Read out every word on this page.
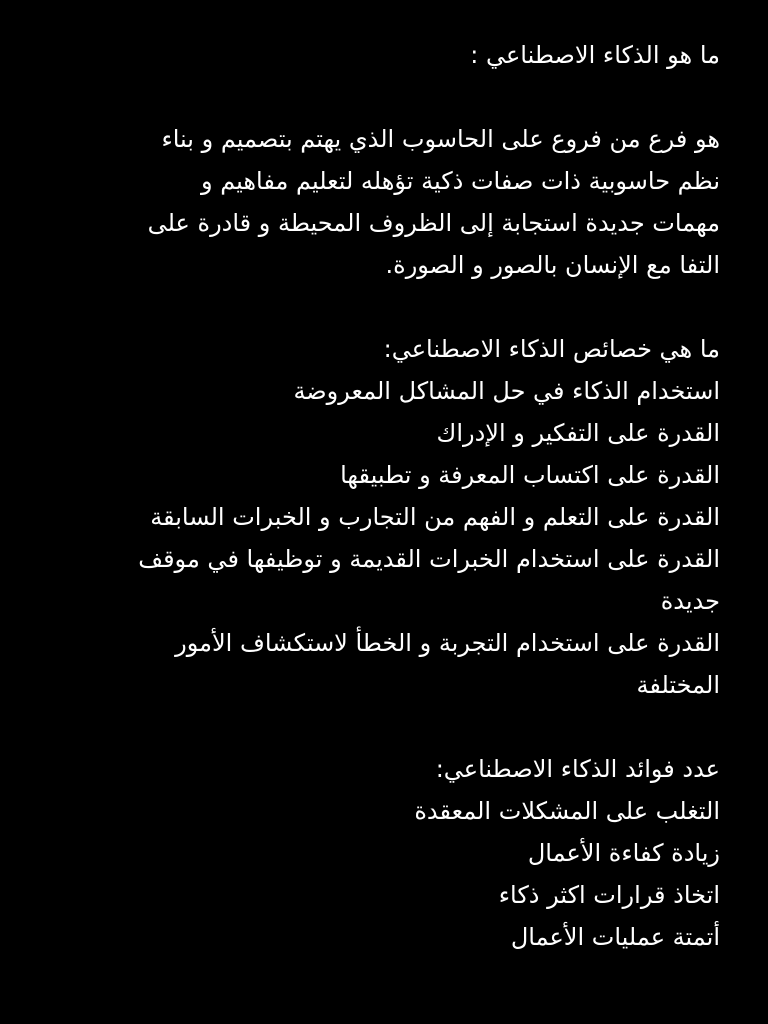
ما هو الذكاء الاصطناعي :
هو فرع من فروع على الحاسوب الذي يهتم بتصميم و بناء
نظم حاسوبية ذات صفات ذكية تؤهله لتعليم مفاهيم و
مهمات جديدة استجابة إلى الظروف المحيطة و قادرة على
التفا مع الإنسان بالصور و الصورة.
ما هي خصائص الذكاء الاصطناعي:
استخدام الذكاء في حل المشاكل المعروضة
القدرة على التفكير و الإدراك
القدرة على اكتساب المعرفة و تطبيقها
القدرة على التعلم و الفهم من التجارب و الخبرات السابقة
القدرة على استخدام الخبرات القديمة و توظيفها في موقف
جديدة
القدرة على استخدام التجربة و الخطأ لاستكشاف الأمور
المختلفة
عدد فوائد الذكاء الاصطناعي:
التغلب على المشكلات المعقدة
زيادة كفاءة الأعمال
اتخاذ قرارات اكثر ذكاء
أتمتة عمليات الأعمال
